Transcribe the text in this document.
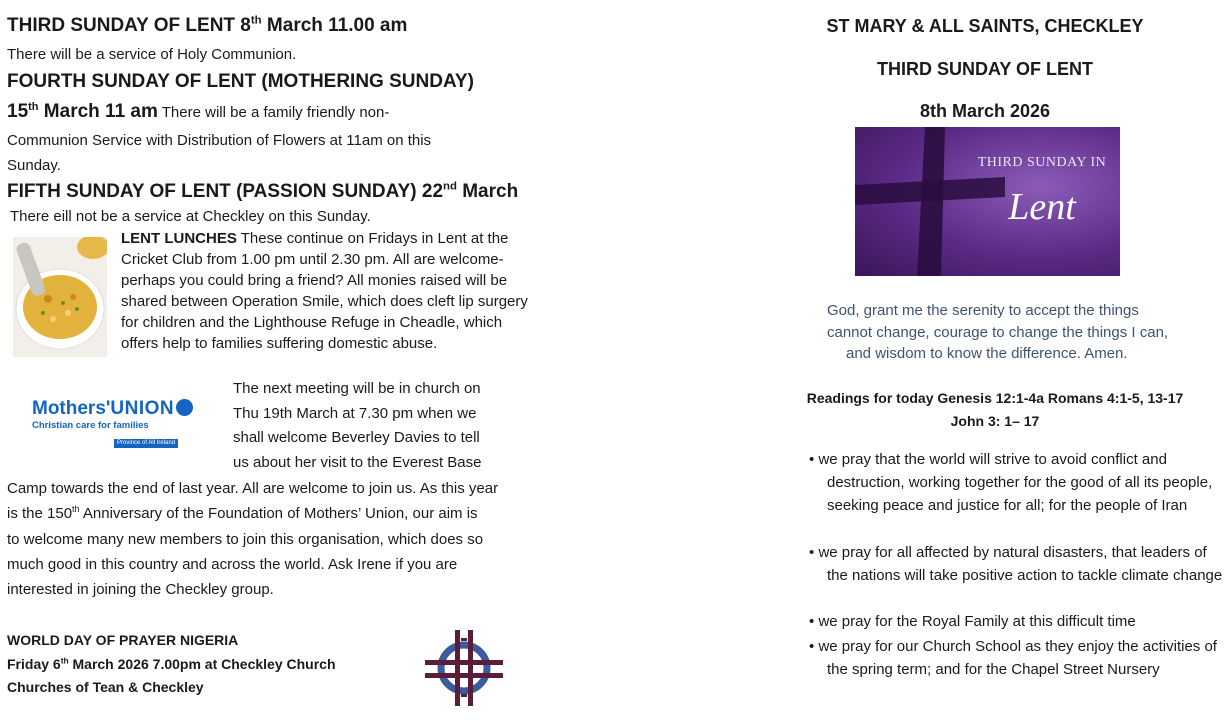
THIRD SUNDAY OF LENT 8th March 11.00 am
There will be a service of Holy Communion.
FOURTH SUNDAY OF LENT (MOTHERING SUNDAY)
15th March 11 am There will be a family friendly non-
Communion Service with Distribution of Flowers at 11am on this
Sunday.
FIFTH SUNDAY OF LENT (PASSION SUNDAY) 22nd March
There eill not be a service at Checkley on this Sunday.
LENT LUNCHES These continue on Fridays in Lent at the Cricket Club from 1.00 pm until 2.30 pm. All are welcome- perhaps you could bring a friend? All monies raised will be shared between Operation Smile, which does cleft lip surgery for children and the Lighthouse Refuge in Cheadle, which offers help to families suffering domestic abuse.
Mothers'UNION
Christian care for families
Province of All Ireland
The next meeting will be in church on
Thu 19th March at 7.30 pm when we
shall welcome Beverley Davies to tell
us about her visit to the Everest Base
Camp towards the end of last year. All are welcome to join us. As this year
is the 150th Anniversary of the Foundation of Mothers’ Union, our aim is
to welcome many new members to join this organisation, which does so
much good in this country and across the world. Ask Irene if you are
interested in joining the Checkley group.
WORLD DAY OF PRAYER NIGERIA
Friday 6th March 2026 7.00pm at Checkley Church
Churches of Tean & Checkley
ST MARY & ALL SAINTS, CHECKLEY
THIRD SUNDAY OF LENT
8th March 2026
THIRD SUNDAY IN
Lent
God, grant me the serenity to accept the things
cannot change, courage to change the things I can,
and wisdom to know the difference. Amen.
Readings for today Genesis 12:1-4a Romans 4:1-5, 13-17
John 3: 1– 17
• we pray that the world will strive to avoid conflict and destruction, working together for the good of all its people, seeking peace and justice for all; for the people of Iran
• we pray for all affected by natural disasters, that leaders of the nations will take positive action to tackle climate change
• we pray for the Royal Family at this difficult time
• we pray for our Church School as they enjoy the activities of the spring term; and for the Chapel Street Nursery
